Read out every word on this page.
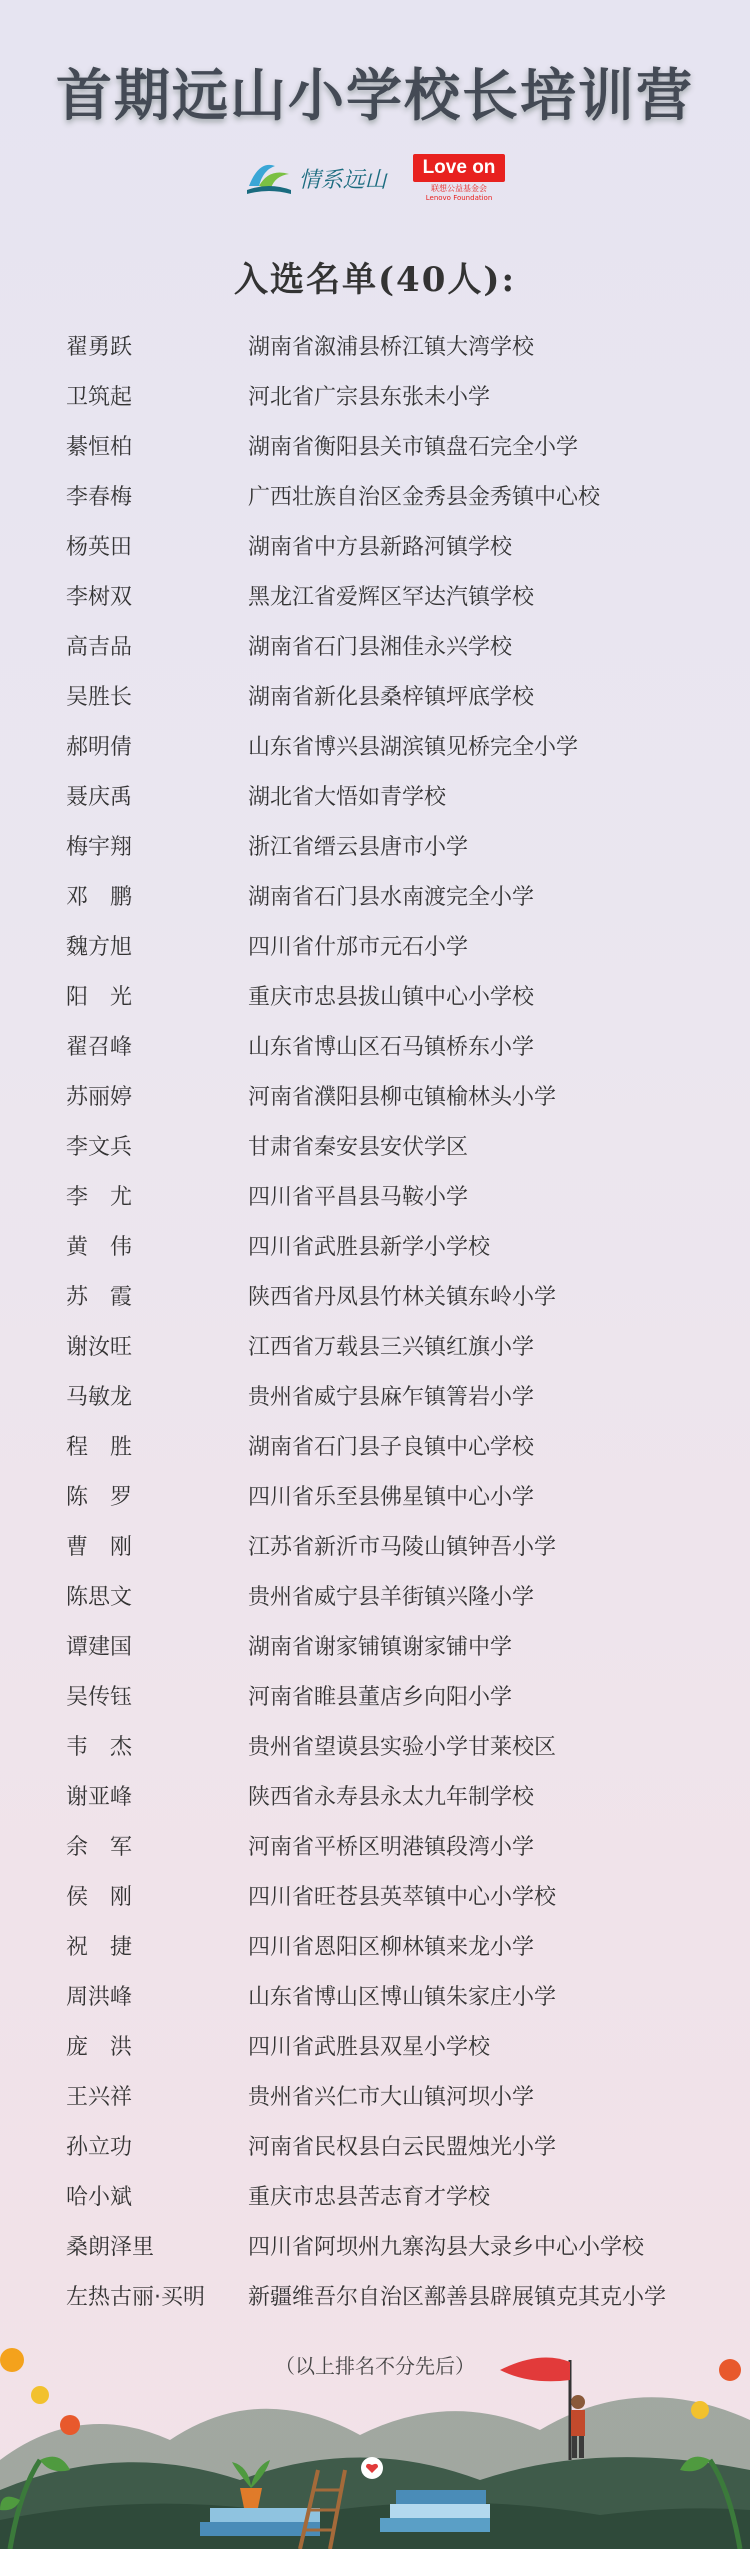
首期远山小学校长培训营
情系远山	Love on
联想公益基金会
Lenovo Foundation
入选名单(40人):
翟勇跃	湖南省溆浦县桥江镇大湾学校
卫筑起	河北省广宗县东张未小学
綦恒柏	湖南省衡阳县关市镇盘石完全小学
李春梅	广西壮族自治区金秀县金秀镇中心校
杨英田	湖南省中方县新路河镇学校
李树双	黑龙江省爱辉区罕达汽镇学校
高吉品	湖南省石门县湘佳永兴学校
吴胜长	湖南省新化县桑梓镇坪底学校
郝明倩	山东省博兴县湖滨镇见桥完全小学
聂庆禹	湖北省大悟如青学校
梅宇翔	浙江省缙云县唐市小学
邓鹏	湖南省石门县水南渡完全小学
魏方旭	四川省什邡市元石小学
阳光	重庆市忠县拔山镇中心小学校
翟召峰	山东省博山区石马镇桥东小学
苏丽婷	河南省濮阳县柳屯镇榆林头小学
李文兵	甘肃省秦安县安伏学区
李尤	四川省平昌县马鞍小学
黄伟	四川省武胜县新学小学校
苏霞	陕西省丹凤县竹林关镇东岭小学
谢汝旺	江西省万载县三兴镇红旗小学
马敏龙	贵州省威宁县麻乍镇箐岩小学
程胜	湖南省石门县子良镇中心学校
陈罗	四川省乐至县佛星镇中心小学
曹刚	江苏省新沂市马陵山镇钟吾小学
陈思文	贵州省威宁县羊街镇兴隆小学
谭建国	湖南省谢家铺镇谢家铺中学
吴传钰	河南省睢县董店乡向阳小学
韦杰	贵州省望谟县实验小学甘莱校区
谢亚峰	陕西省永寿县永太九年制学校
余军	河南省平桥区明港镇段湾小学
侯刚	四川省旺苍县英萃镇中心小学校
祝捷	四川省恩阳区柳林镇来龙小学
周洪峰	山东省博山区博山镇朱家庄小学
庞洪	四川省武胜县双星小学校
王兴祥	贵州省兴仁市大山镇河坝小学
孙立功	河南省民权县白云民盟烛光小学
哈小斌	重庆市忠县苦志育才学校
桑朗泽里	四川省阿坝州九寨沟县大录乡中心小学校
左热古丽·买明	新疆维吾尔自治区鄯善县辟展镇克其克小学
（以上排名不分先后）
